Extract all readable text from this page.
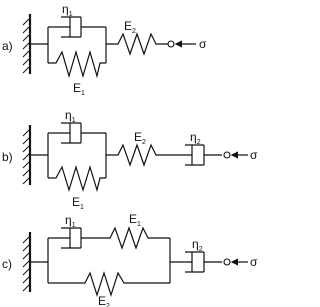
a)
$\eta_1$
$E_1$
$E_2$
σ
b)
$\eta_1$
$E_1$
$E_2$	$\eta_2$
σ
c)
$\eta_1$	$E_1$
$E_2$
$\eta_2$
σ
